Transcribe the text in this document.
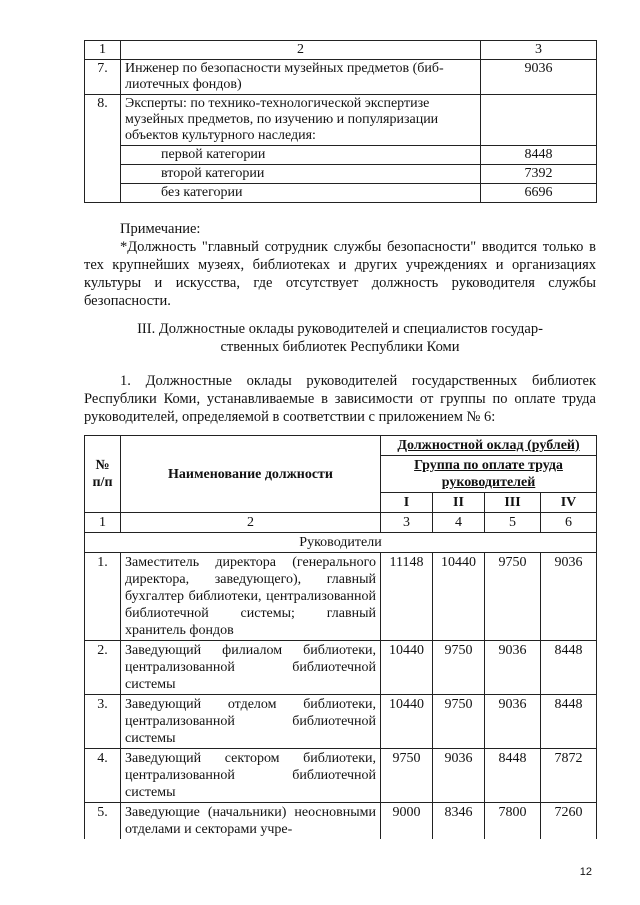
1	2	3
7.	Инженер по безопасности музейных предметов (биб-
лиотечных фондов)	9036
8.	Эксперты: по технико-технологической экспертизе
музейных предметов, по изучению и популяризации
объектов культурного наследия:	

	первой категории	8448
	второй категории	7392
	без категории	6696
Примечание:
*Должность "главный сотрудник службы безопасности" вводится только в тех крупнейших музеях, библиотеках и других учреждениях и организациях культуры и искусства, где отсутствует должность руководителя службы безопасности.
III. Должностные оклады руководителей и специалистов государ-
ственных библиотек Республики Коми
1. Должностные оклады руководителей государственных библиотек Республики Коми, устанавливаемые в зависимости от группы по оплате труда руководителей, определяемой в соответствии с приложением № 6:
№ п/п	Наименование должности	Должностной оклад (рублей)			
		Группа по оплате труда руководителей			
		I	II	III	IV
1	2	3	4	5	6
Руководители					
1.	Заместитель директора (генерального директора, заведующего), главный бухгалтер библиотеки, централизованной библиотечной системы; главный хранитель фондов	11148	10440	9750	9036
2.	Заведующий филиалом библиотеки, централизованной библиотечной системы	10440	9750	9036	8448
3.	Заведующий отделом библиотеки, централизованной библиотечной системы	10440	9750	9036	8448
4.	Заведующий сектором библиотеки, централизованной библиотечной системы	9750	9036	8448	7872
5.	Заведующие (начальники) неосновными отделами и секторами учре-	9000	8346	7800	7260
12
